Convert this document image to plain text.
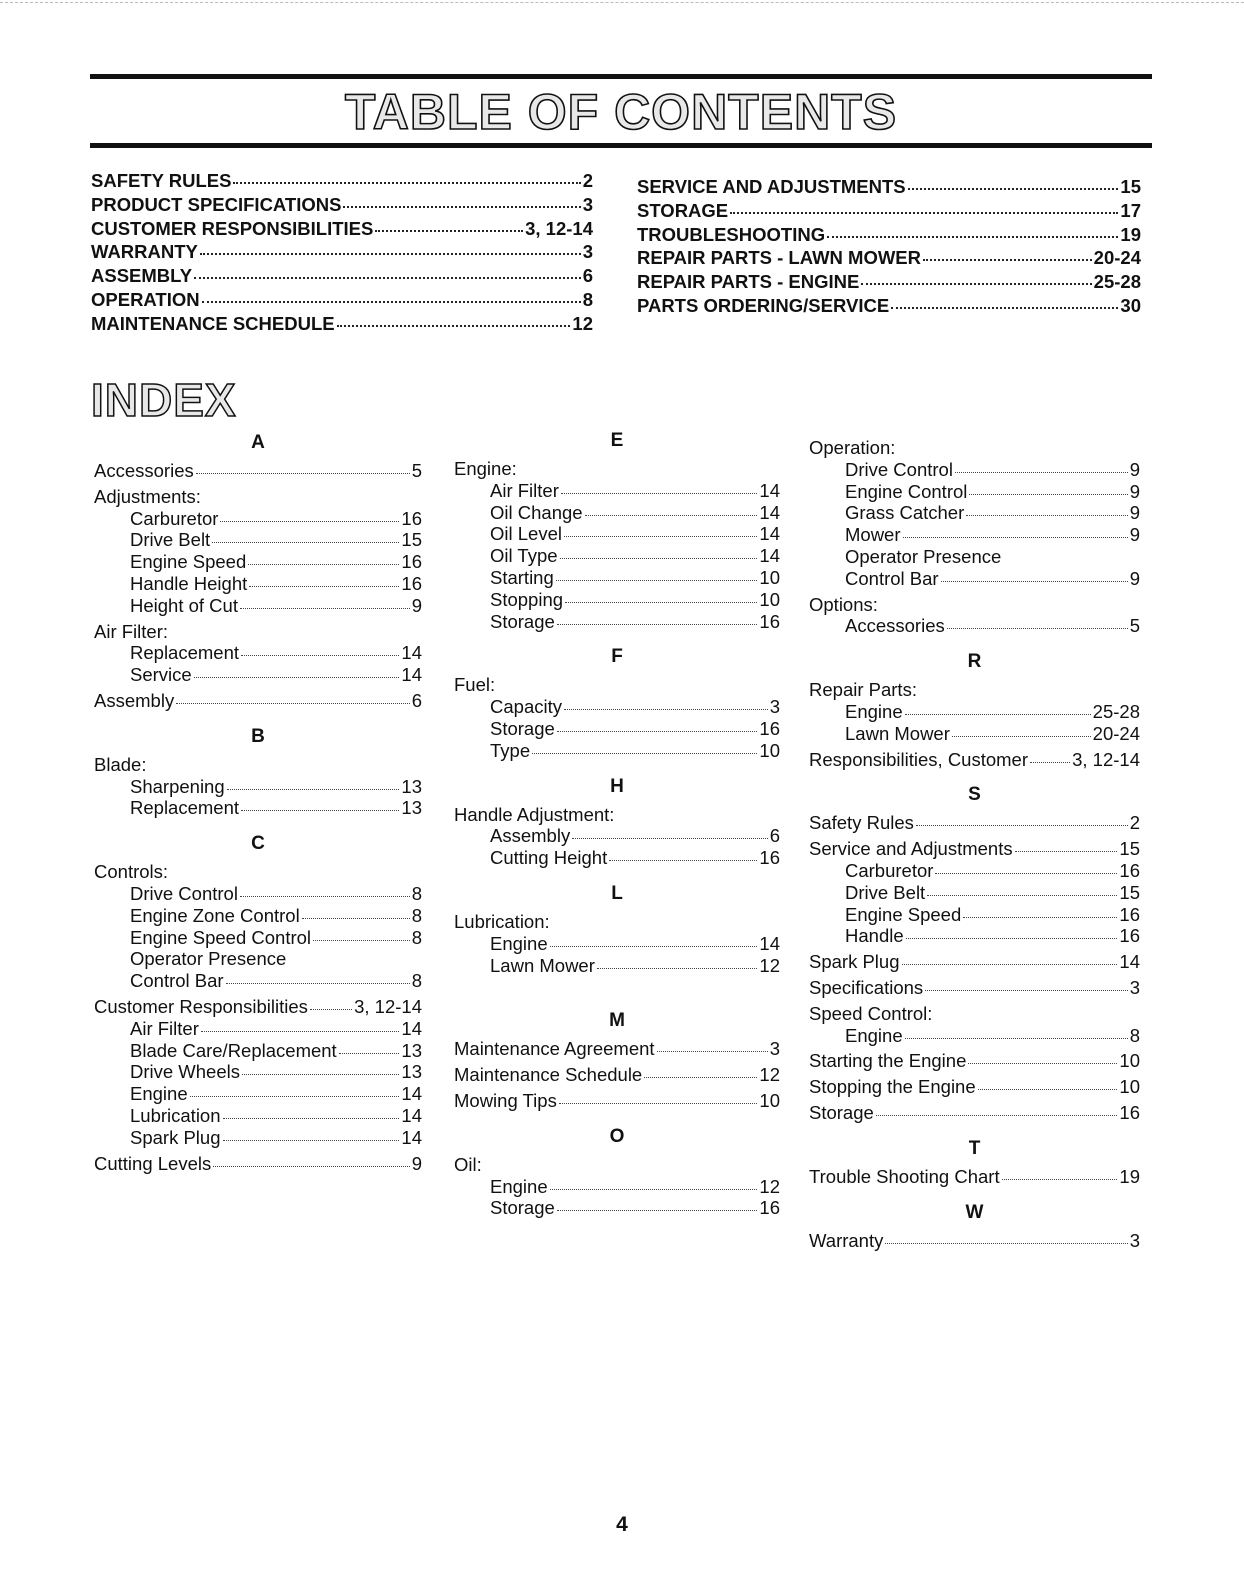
TABLE OF CONTENTS
SAFETY RULES	2
PRODUCT SPECIFICATIONS	3
CUSTOMER RESPONSIBILITIES	3, 12-14
WARRANTY	3
ASSEMBLY	6
OPERATION	8
MAINTENANCE SCHEDULE	12
SERVICE AND ADJUSTMENTS	15
STORAGE	17
TROUBLESHOOTING	19
REPAIR PARTS - LAWN MOWER	20-24
REPAIR PARTS - ENGINE	25-28
PARTS ORDERING/SERVICE	30
INDEX
A
Accessories	5
Adjustments:
Carburetor	16
Drive Belt	15
Engine Speed	16
Handle Height	16
Height of Cut	9
Air Filter:
Replacement	14
Service	14
Assembly	6
B
Blade:
Sharpening	13
Replacement	13
C
Controls:
Drive Control	8
Engine Zone Control	8
Engine Speed Control	8
Operator Presence
Control Bar	8
Customer Responsibilities 3, 12-14
Air Filter	14
Blade Care/Replacement	13
Drive Wheels	13
Engine	14
Lubrication	14
Spark Plug	14
Cutting Levels	9
E
Engine:
Air Filter	14
Oil Change	14
Oil Level	14
Oil Type	14
Starting	10
Stopping	10
Storage	16
F
Fuel:
Capacity	3
Storage	16
Type	10
H
Handle Adjustment:
Assembly	6
Cutting Height	16
L
Lubrication:
Engine	14
Lawn Mower	12
M
Maintenance Agreement	3
Maintenance Schedule	12
Mowing Tips	10
O
Oil:
Engine	12
Storage	16
Operation:
Drive Control	9
Engine Control	9
Grass Catcher	9
Mower	9
Operator Presence
Control Bar	9
Options:
Accessories	5
R
Repair Parts:
Engine	25-28
Lawn Mower	20-24
Responsibilities, Customer 3, 12-14
S
Safety Rules	2
Service and Adjustments	15
Carburetor	16
Drive Belt	15
Engine Speed	16
Handle	16
Spark Plug	14
Specifications	3
Speed Control:
Engine	8
Starting the Engine	10
Stopping the Engine	10
Storage	16
T
Trouble Shooting Chart	19
W
Warranty	3
4
